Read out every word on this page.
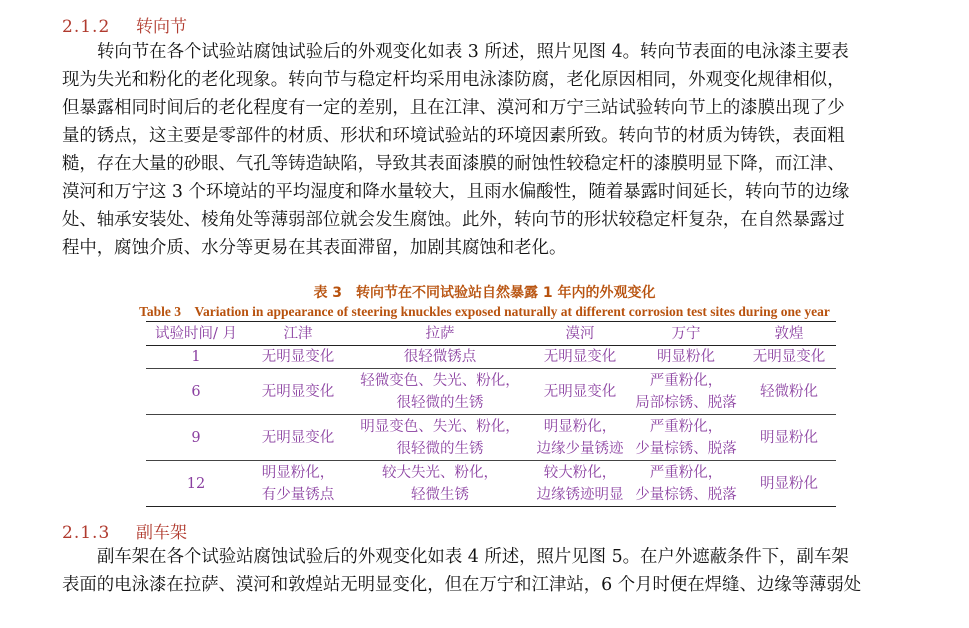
2.1.2 转向节
转向节在各个试验站腐蚀试验后的外观变化如表 3 所述，照片见图 4。转向节表面的电泳漆主要表
现为失光和粉化的老化现象。转向节与稳定杆均采用电泳漆防腐，老化原因相同，外观变化规律相似，
但暴露相同时间后的老化程度有一定的差别，且在江津、漠河和万宁三站试验转向节上的漆膜出现了少
量的锈点，这主要是零部件的材质、形状和环境试验站的环境因素所致。转向节的材质为铸铁，表面粗
糙，存在大量的砂眼、气孔等铸造缺陷，导致其表面漆膜的耐蚀性较稳定杆的漆膜明显下降，而江津、
漠河和万宁这 3 个环境站的平均湿度和降水量较大，且雨水偏酸性，随着暴露时间延长，转向节的边缘
处、轴承安装处、棱角处等薄弱部位就会发生腐蚀。此外，转向节的形状较稳定杆复杂，在自然暴露过
程中，腐蚀介质、水分等更易在其表面滞留，加剧其腐蚀和老化。
表 3　转向节在不同试验站自然暴露 1 年内的外观变化
Table 3　Variation in appearance of steering knuckles exposed naturally at different corrosion test sites during one year
试验时间/ 月	江津	拉萨	漠河	万宁	敦煌
1	无明显变化	很轻微锈点	无明显变化	明显粉化	无明显变化

6	无明显变化	轻微变色、失光、粉化，
很轻微的生锈	无明显变化	严重粉化，
局部棕锈、脱落	轻微粉化

9	无明显变化	明显变色、失光、粉化，
很轻微的生锈	明显粉化，
边缘少量锈迹	严重粉化，
少量棕锈、脱落	明显粉化

12	明显粉化，
有少量锈点	较大失光、粉化，
轻微生锈	较大粉化，
边缘锈迹明显	严重粉化，
少量棕锈、脱落	明显粉化
2.1.3 副车架
副车架在各个试验站腐蚀试验后的外观变化如表 4 所述，照片见图 5。在户外遮蔽条件下，副车架
表面的电泳漆在拉萨、漠河和敦煌站无明显变化，但在万宁和江津站，6 个月时便在焊缝、边缘等薄弱处
